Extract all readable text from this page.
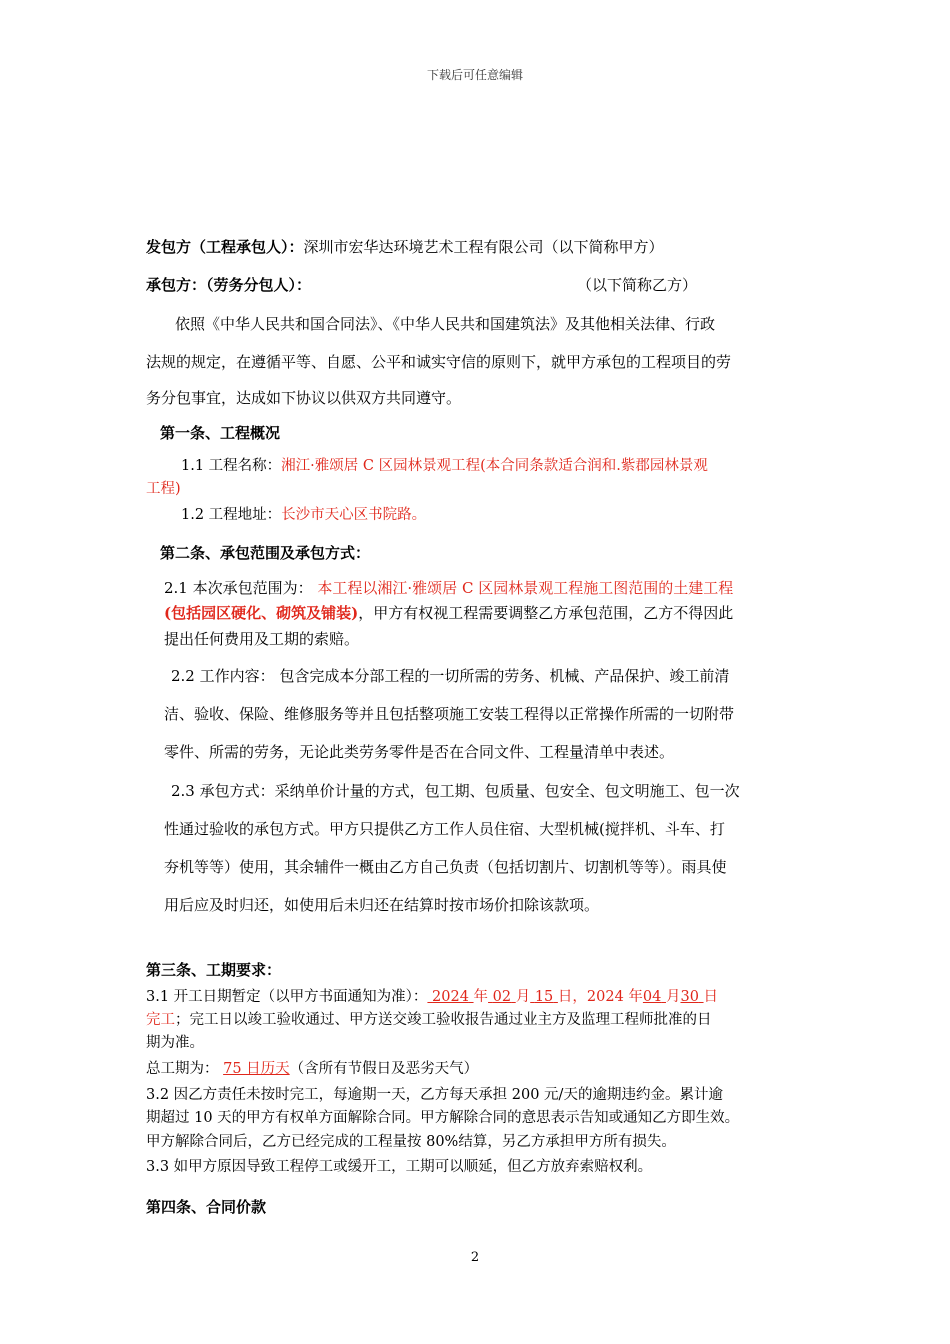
下载后可任意编辑
发包方（工程承包人）：深圳市宏华达环境艺术工程有限公司（以下简称甲方）
承包方：（劳务分包人）：	（以下简称乙方）
依照《中华人民共和国合同法》、《中华人民共和国建筑法》及其他相关法律、行政
法规的规定，在遵循平等、自愿、公平和诚实守信的原则下，就甲方承包的工程项目的劳
务分包事宜，达成如下协议以供双方共同遵守。
第一条、工程概况
1.1 工程名称：湘江·雅颂居 C 区园林景观工程(本合同条款适合润和.紫郡园林景观
工程)
1.2 工程地址：长沙市天心区书院路。
第二条、承包范围及承包方式：
2.1 本次承包范围为： 本工程以湘江·雅颂居 C 区园林景观工程施工图范围的土建工程
(包括园区硬化、砌筑及铺装)，甲方有权视工程需要调整乙方承包范围，乙方不得因此
提出任何费用及工期的索赔。
2.2 工作内容： 包含完成本分部工程的一切所需的劳务、机械、产品保护、竣工前清
洁、验收、保险、维修服务等并且包括整项施工安装工程得以正常操作所需的一切附带
零件、所需的劳务，无论此类劳务零件是否在合同文件、工程量清单中表述。
2.3 承包方式：采纳单价计量的方式，包工期、包质量、包安全、包文明施工、包一次
性通过验收的承包方式。甲方只提供乙方工作人员住宿、大型机械(搅拌机、斗车、打
夯机等等）使用，其余辅件一概由乙方自己负责（包括切割片、切割机等等）。雨具使
用后应及时归还，如使用后未归还在结算时按市场价扣除该款项。
第三条、工期要求：
3.1 开工日期暂定（以甲方书面通知为准）： 2024 年 02 月 15 日，2024 年04 月30 日
完工；完工日以竣工验收通过、甲方送交竣工验收报告通过业主方及监理工程师批准的日
期为准。
总工期为： 75 日历天（含所有节假日及恶劣天气）
3.2 因乙方责任未按时完工，每逾期一天，乙方每天承担 200 元/天的逾期违约金。累计逾
期超过 10 天的甲方有权单方面解除合同。甲方解除合同的意思表示告知或通知乙方即生效。
甲方解除合同后，乙方已经完成的工程量按 80%结算，另乙方承担甲方所有损失。
3.3 如甲方原因导致工程停工或缓开工，工期可以顺延，但乙方放弃索赔权利。
第四条、合同价款
2
